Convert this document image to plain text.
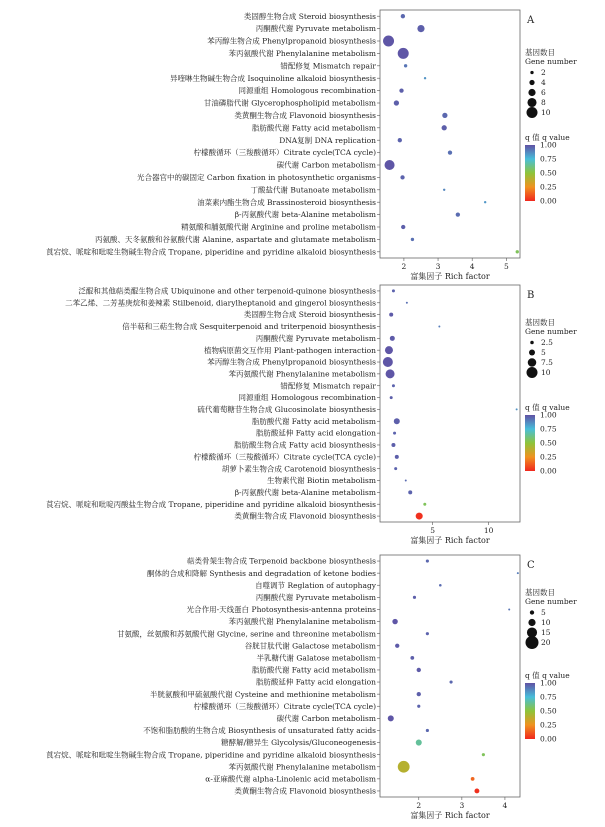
类固醇生物合成 Steroid biosynthesis
丙酮酸代谢 Pyruvate metabolism
苯丙醇生物合成 Phenylpropanoid biosynthesis
苯丙氨酸代谢 Phenylalanine metabolism
错配修复 Mismatch repair
异喹啉生物碱生物合成 Isoquinoline alkaloid biosynthesis
同源重组 Homologous recombination
甘油磷脂代谢 Glycerophospholipid metabolism
类黄酮生物合成 Flavonoid biosynthesis
脂肪酸代谢 Fatty acid metabolism
DNA复制 DNA replication
柠檬酸循环（三羧酸循环）Citrate cycle(TCA cycle)
碳代谢 Carbon metabolism
光合器官中的碳固定 Carbon fixation in photosynthetic organisms
丁酸盐代谢 Butanoate metabolism
油菜素内酯生物合成 Brassinosteroid biosynthesis
β-丙氨酸代谢 beta-Alanine metabolism
精氨酸和脯氨酸代谢 Arginine and proline metabolism
丙氨酸、天冬氨酸和谷氨酸代谢 Alanine, aspartate and glutamate metabolism
莨宕烷、哌啶和吡啶生物碱生物合成 Tropane, piperidine and pyridine alkaloid biosynthesis
2	3	4	5
富集因子 Rich factor
A
基因数目
Gene number
2
4
6
8
10
q 值 q value
1.00
0.75
0.50
0.25
0.00
泛醌和其他萜类醌生物合成 Ubiquinone and other terpenoid-quinone biosynthesis
二苯乙烯、二芳基庚烷和姜辣素 Stilbenoid, diarylheptanoid and gingerol biosynthesis
类固醇生物合成 Steroid biosynthesis
倍半萜和三萜生物合成 Sesquiterpenoid and triterpenoid biosynthesis
丙酮酸代谢 Pyruvate metabolism
植物病原菌交互作用 Plant-pathogen interaction
苯丙醇生物合成 Phenylpropanoid biosynthesis
苯丙氨酸代谢 Phenylalanine metabolism
错配修复 Mismatch repair
同源重组 Homologous recombination
硫代葡萄糖苷生物合成 Glucosinolate biosynthesis
脂肪酸代谢 Fatty acid metabolism
脂肪酸延伸 Fatty acid elongation
脂肪酸生物合成 Fatty acid biosynthesis
柠檬酸循环（三羧酸循环）Citrate cycle(TCA cycle)
胡萝卜素生物合成 Carotenoid biosynthesis
生物素代谢 Biotin metabolism
β-丙氨酸代谢 beta-Alanine metabolism
莨宕烷、哌啶和吡啶丙酸盐生物合成 Tropane, piperidine and pyridine alkaloid biosynthesis
类黄酮生物合成 Flavonoid biosynthesis
5	10
富集因子 Rich factor
B
基因数目
Gene number
2.5
5
7.5
10
q 值 q value
1.00
0.75
0.50
0.25
0.00
萜类骨架生物合成 Terpenoid backbone biosynthesis
酮体的合成和降解 Synthesis and degradation of ketone bodies
自噬调节 Reglation of autophagy
丙酮酸代谢 Pyruvate metabolism
光合作用-天线蛋白 Photosynthesis-antenna proteins
苯丙氨酸代谢 Phenylalanine metabolism
甘氨酸，丝氨酸和苏氨酸代谢 Glycine, serine and threonine metabolism
谷胱甘肽代谢 Galactose metabolism
半乳糖代谢 Galatose metabolism
脂肪酸代谢 Fatty acid metabolism
脂肪酸延伸 Fatty acid elongation
半胱氨酸和甲硫氨酸代谢 Cysteine and methionine metabolism
柠檬酸循环（三羧酸循环）Citrate cycle(TCA cycle)
碳代谢 Carbon metabolism
不饱和脂肪酸的生物合成 Biosynthesis of unsaturated fatty acids
糖酵解/糖异生 Glycolysis/Gluconeogenesis
莨宕烷、哌啶和吡啶生物碱生物合成 Tropane, piperidine and pyridine alkaloid biosynthesis
苯丙氨酸代谢 Phenylalanine metabolism
α-亚麻酸代谢 alpha-Linolenic acid metabolism
类黄酮生物合成 Flavonoid biosynthesis
2	3	4
富集因子 Rich factor
C
基因数目
Gene number
5
10
15
20
q 值 q value
1.00
0.75
0.50
0.25
0.00
